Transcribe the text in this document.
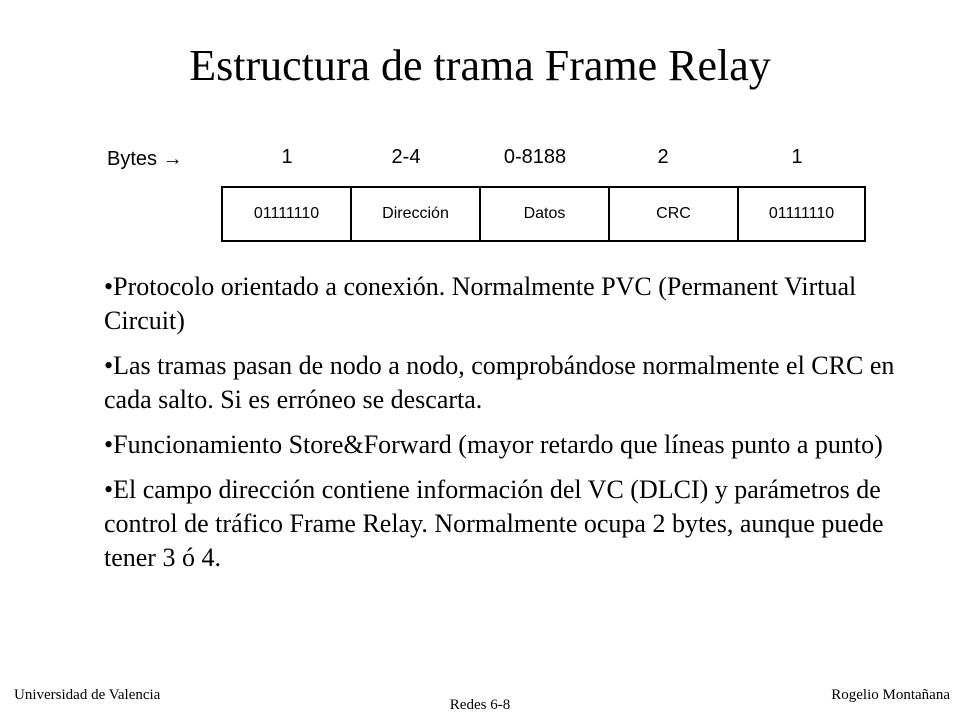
Estructura de trama Frame Relay
Bytes →	1	2-4	0-8188	2	1
01111110	Dirección	Datos	CRC	01111110

•Protocolo orientado a conexión. Normalmente PVC (Permanent Virtual Circuit)

•Las tramas pasan de nodo a nodo, comprobándose normalmente el CRC en cada salto. Si es erróneo se descarta.

•Funcionamiento Store&Forward (mayor retardo que líneas punto a punto)

•El campo dirección contiene información del VC (DLCI) y parámetros de control de tráfico Frame Relay. Normalmente ocupa 2 bytes, aunque puede tener 3 ó 4.

Universidad de Valencia
Redes 6-8
Rogelio Montañana
